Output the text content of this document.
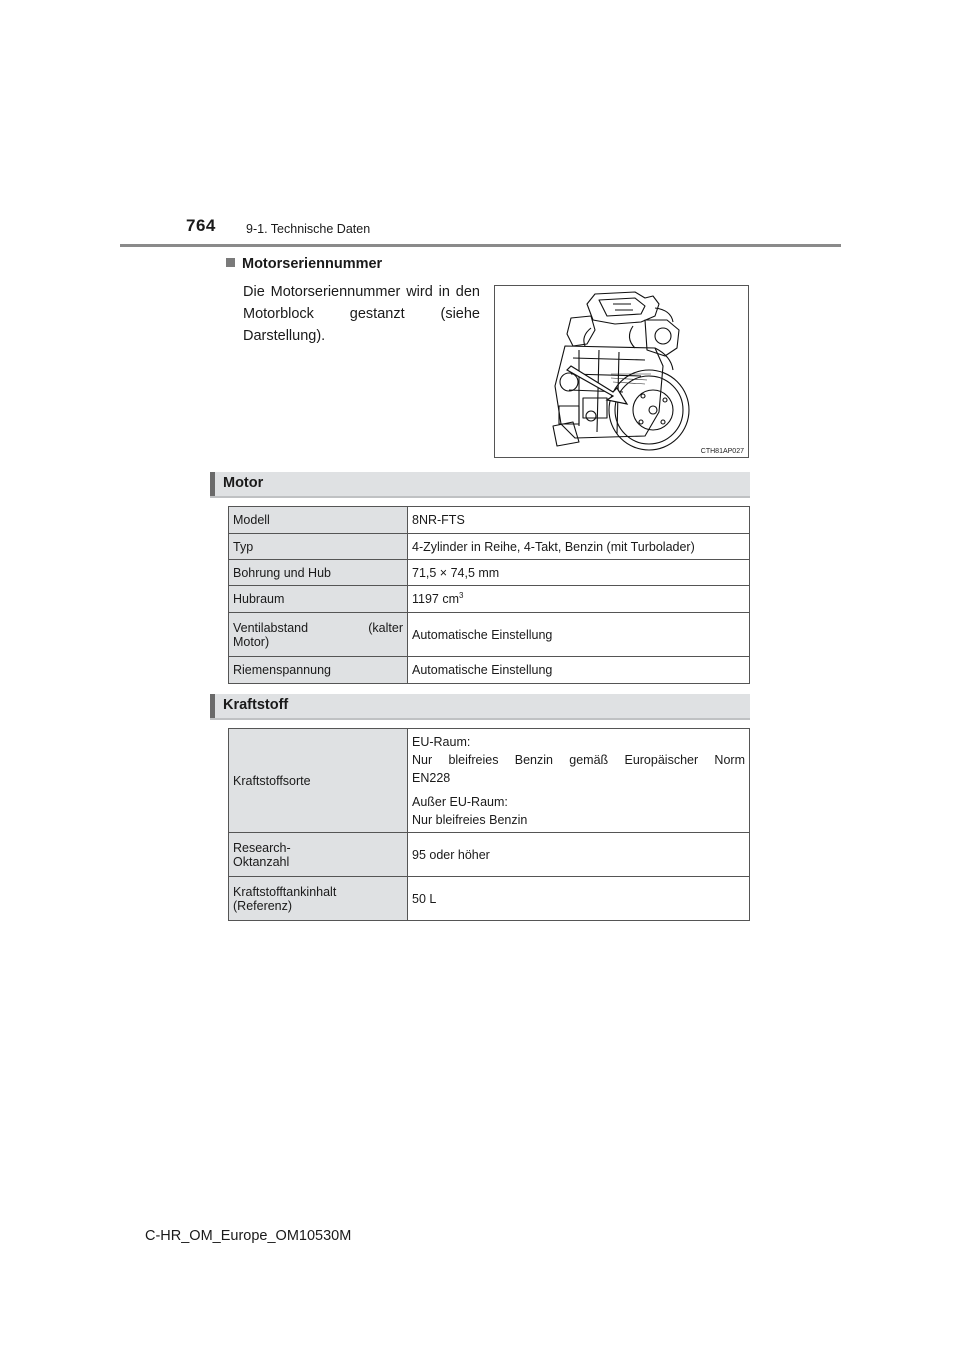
764 9-1. Technische Daten
Motorseriennummer
Die Motorseriennummer wird in den Motorblock gestanzt (siehe Darstellung).
CTH81AP027
Motor
Modell	8NR-FTS
Typ	4-Zylinder in Reihe, 4-Takt, Benzin (mit Turbolader)
Bohrung und Hub	71,5 × 74,5 mm
Hubraum	1197 $cm^3$

Ventilabstand (kalter
Motor)	Automatische Einstellung
Riemenspannung	Automatische Einstellung
Kraftstoff
Kraftstoffsorte	EU-Raum:
Nur bleifreies Benzin gemäß Europäischer Norm
EN228
Außer EU-Raum:
Nur bleifreies Benzin

Research-
Oktanzahl	95 oder höher

Kraftstofftankinhalt
(Referenz)	50 L
C-HR_OM_Europe_OM10530M
